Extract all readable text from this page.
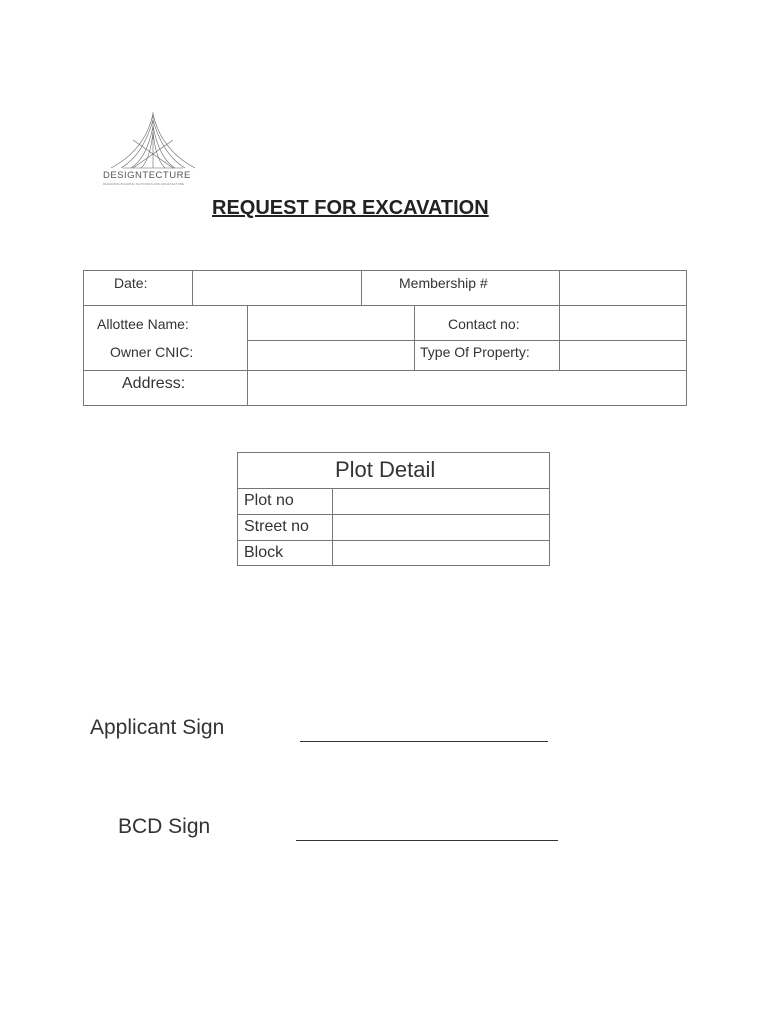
DESIGNTECTURE
DESIGNING BUILDING TECTONICS AND ARCHITECTURE
REQUEST FOR EXCAVATION
Date:	Membership #
Allottee Name:	Contact no:
Owner CNIC:	Type Of Property:
Address:
Plot Detail
Plot no
Street no
Block
Applicant Sign
BCD Sign
